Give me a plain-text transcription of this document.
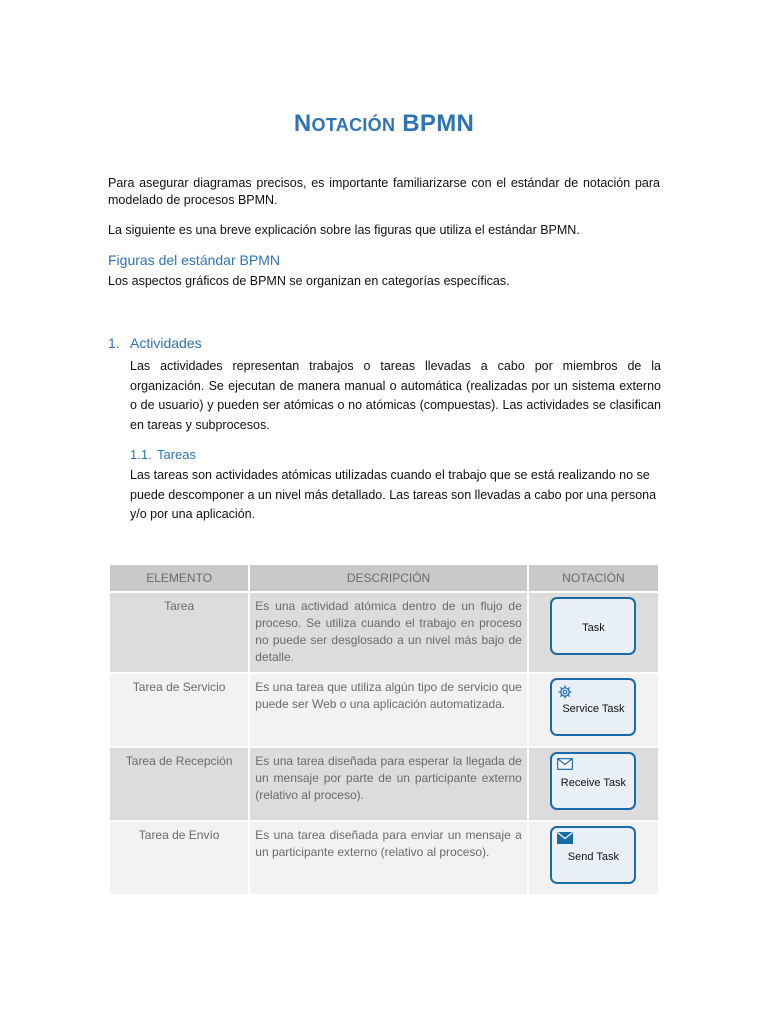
NOTACIÓN BPMN
Para asegurar diagramas precisos, es importante familiarizarse con el estándar de notación para modelado de procesos BPMN.
La siguiente es una breve explicación sobre las figuras que utiliza el estándar BPMN.
Figuras del estándar BPMN
Los aspectos gráficos de BPMN se organizan en categorías específicas.
1. Actividades
Las actividades representan trabajos o tareas llevadas a cabo por miembros de la organización. Se ejecutan de manera manual o automática (realizadas por un sistema externo o de usuario) y pueden ser atómicas o no atómicas (compuestas). Las actividades se clasifican en tareas y subprocesos.
1.1. Tareas
Las tareas son actividades atómicas utilizadas cuando el trabajo que se está realizando no se puede descomponer a un nivel más detallado. Las tareas son llevadas a cabo por una persona y/o por una aplicación.
ELEMENTO	DESCRIPCIÓN	NOTACIÓN
Tarea	Es una actividad atómica dentro de un flujo de proceso. Se utiliza cuando el trabajo en proceso no puede ser desglosado a un nivel más bajo de detalle.	Task

Tarea de Servicio	Es una tarea que utiliza algún tipo de servicio que puede ser Web o una aplicación automatizada.	Service Task

Tarea de Recepción	Es una tarea diseñada para esperar la llegada de un mensaje por parte de un participante externo (relativo al proceso).	Receive Task

Tarea de Envío	Es una tarea diseñada para enviar un mensaje a un participante externo (relativo al proceso).	Send Task
